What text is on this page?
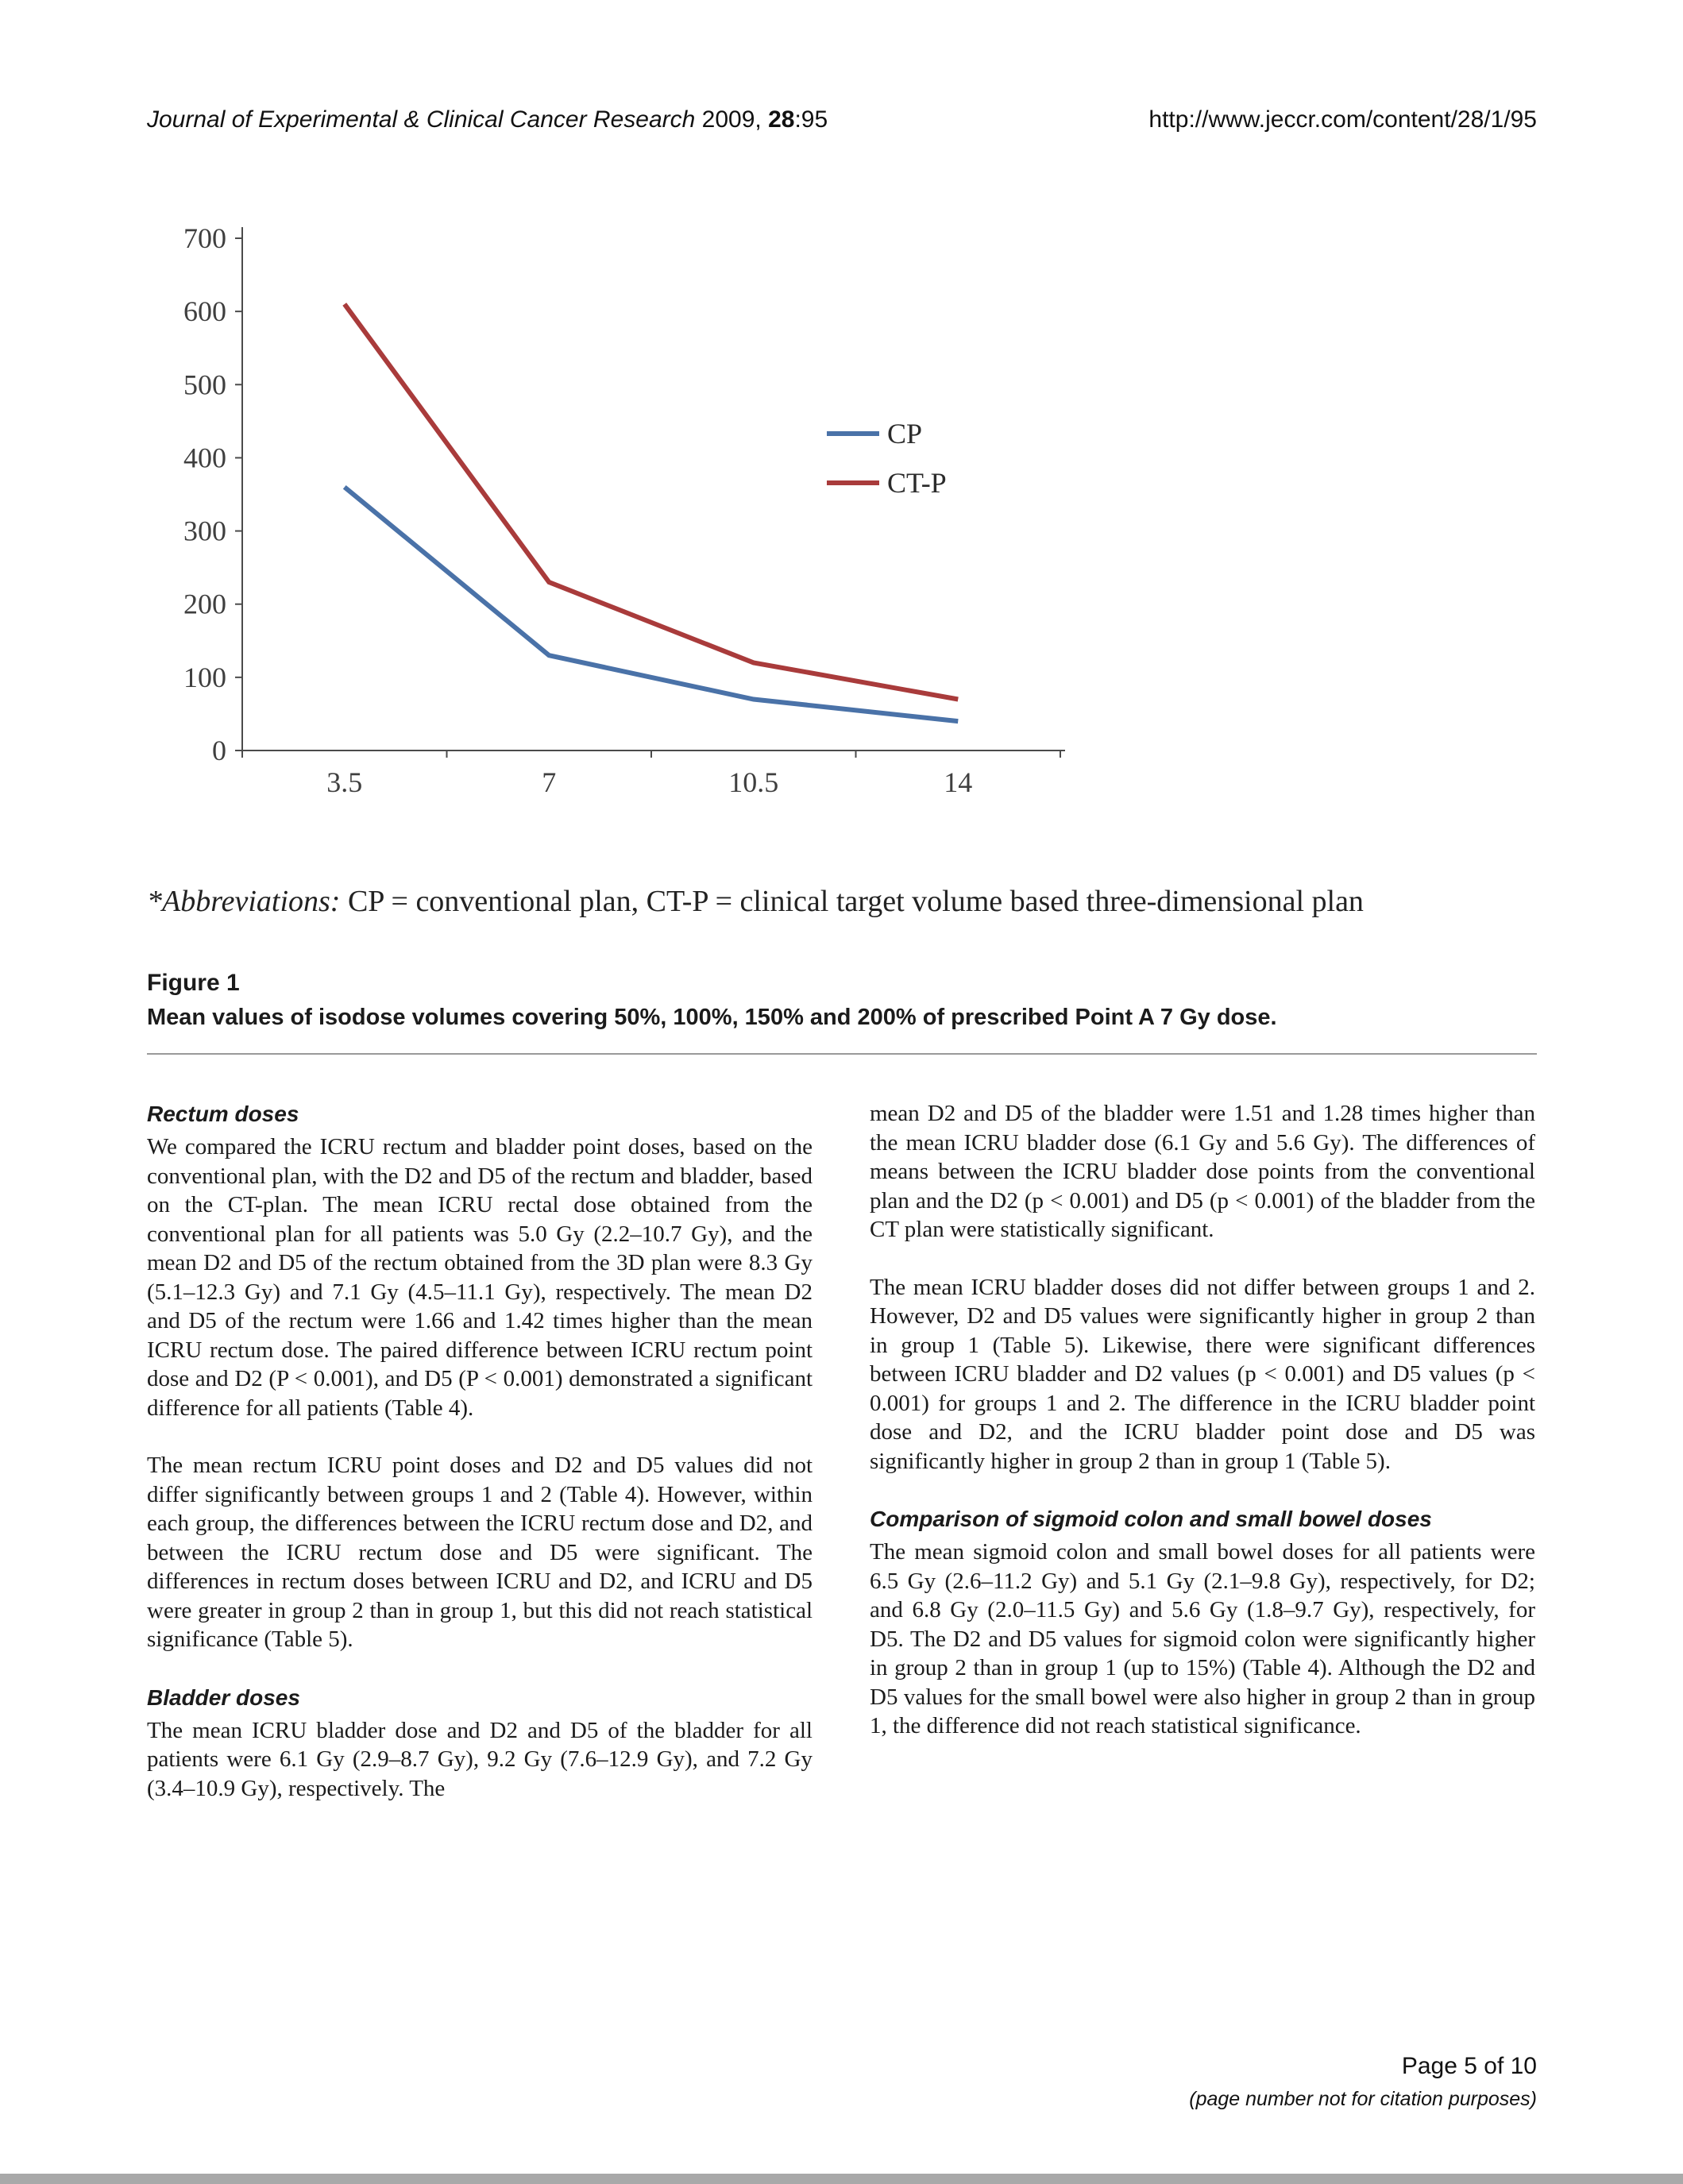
Journal of Experimental & Clinical Cancer Research 2009, 28:95	http://www.jeccr.com/content/28/1/95
0
100
200
300
400
500
600
700
3.5	7	10.5	14
CP
CT-P
*Abbreviations: CP = conventional plan, CT-P = clinical target volume based three-dimensional plan
Figure 1
Mean values of isodose volumes covering 50%, 100%, 150% and 200% of prescribed Point A 7 Gy dose.
Rectum doses

We compared the ICRU rectum and bladder point doses, based on the conventional plan, with the D2 and D5 of the rectum and bladder, based on the CT-plan. The mean ICRU rectal dose obtained from the conventional plan for all patients was 5.0 Gy (2.2–10.7 Gy), and the mean D2 and D5 of the rectum obtained from the 3D plan were 8.3 Gy (5.1–12.3 Gy) and 7.1 Gy (4.5–11.1 Gy), respectively. The mean D2 and D5 of the rectum were 1.66 and 1.42 times higher than the mean ICRU rectum dose. The paired difference between ICRU rectum point dose and D2 (P < 0.001), and D5 (P < 0.001) demonstrated a significant difference for all patients (Table 4).

The mean rectum ICRU point doses and D2 and D5 values did not differ significantly between groups 1 and 2 (Table 4). However, within each group, the differences between the ICRU rectum dose and D2, and between the ICRU rectum dose and D5 were significant. The differences in rectum doses between ICRU and D2, and ICRU and D5 were greater in group 2 than in group 1, but this did not reach statistical significance (Table 5).

Bladder doses

The mean ICRU bladder dose and D2 and D5 of the bladder for all patients were 6.1 Gy (2.9–8.7 Gy), 9.2 Gy (7.6–12.9 Gy), and 7.2 Gy (3.4–10.9 Gy), respectively. The

mean D2 and D5 of the bladder were 1.51 and 1.28 times higher than the mean ICRU bladder dose (6.1 Gy and 5.6 Gy). The differences of means between the ICRU bladder dose points from the conventional plan and the D2 (p < 0.001) and D5 (p < 0.001) of the bladder from the CT plan were statistically significant.

The mean ICRU bladder doses did not differ between groups 1 and 2. However, D2 and D5 values were significantly higher in group 2 than in group 1 (Table 5). Likewise, there were significant differences between ICRU bladder and D2 values (p < 0.001) and D5 values (p < 0.001) for groups 1 and 2. The difference in the ICRU bladder point dose and D2, and the ICRU bladder point dose and D5 was significantly higher in group 2 than in group 1 (Table 5).

Comparison of sigmoid colon and small bowel doses

The mean sigmoid colon and small bowel doses for all patients were 6.5 Gy (2.6–11.2 Gy) and 5.1 Gy (2.1–9.8 Gy), respectively, for D2; and 6.8 Gy (2.0–11.5 Gy) and 5.6 Gy (1.8–9.7 Gy), respectively, for D5. The D2 and D5 values for sigmoid colon were significantly higher in group 2 than in group 1 (up to 15%) (Table 4). Although the D2 and D5 values for the small bowel were also higher in group 2 than in group 1, the difference did not reach statistical significance.

Page 5 of 10
(page number not for citation purposes)
